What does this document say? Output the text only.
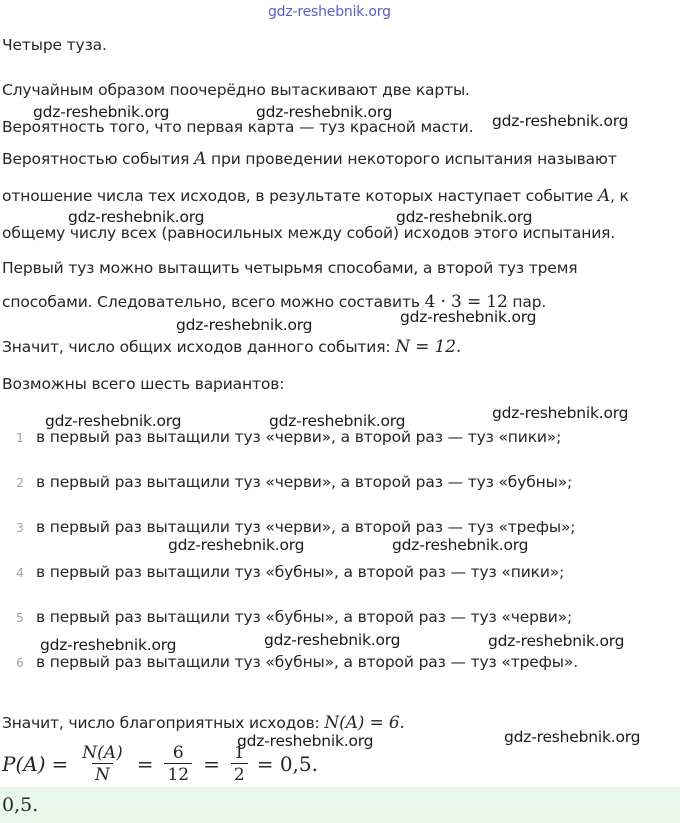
gdz-reshebnik.org
Четыре туза.
Случайным образом поочерёдно вытаскивают две карты.
Вероятность того, что первая карта — туз красной масти.
Вероятностью события A при проведении некоторого испытания называют
отношение числа тех исходов, в результате которых наступает событие A, к
общему числу всех (равносильных между собой) исходов этого испытания.
Первый туз можно вытащить четырьмя способами, а второй туз тремя
способами. Следовательно, всего можно составить 4 · 3 = 12 пар.
Значит, число общих исходов данного события: N = 12.
Возможны всего шесть вариантов:
1 в первый раз вытащили туз «черви», а второй раз — туз «пики»;
2 в первый раз вытащили туз «черви», а второй раз — туз «бубны»;
3 в первый раз вытащили туз «черви», а второй раз — туз «трефы»;
4 в первый раз вытащили туз «бубны», а второй раз — туз «пики»;
5 в первый раз вытащили туз «бубны», а второй раз — туз «черви»;
6 в первый раз вытащили туз «бубны», а второй раз — туз «трефы».
Значит, число благоприятных исходов: N(A) = 6.
$P(A) = \frac{N(A)}{N} = \frac{6}{12} = \frac{1}{2} = 0,5$.
0,5.
gdz-reshebnik.org	gdz-reshebnik.org	gdz-reshebnik.org
gdz-reshebnik.org	gdz-reshebnik.org
gdz-reshebnik.org	gdz-reshebnik.org
gdz-reshebnik.org	gdz-reshebnik.org	gdz-reshebnik.org
gdz-reshebnik.org	gdz-reshebnik.org
gdz-reshebnik.org	gdz-reshebnik.org	gdz-reshebnik.org
gdz-reshebnik.org	gdz-reshebnik.org
